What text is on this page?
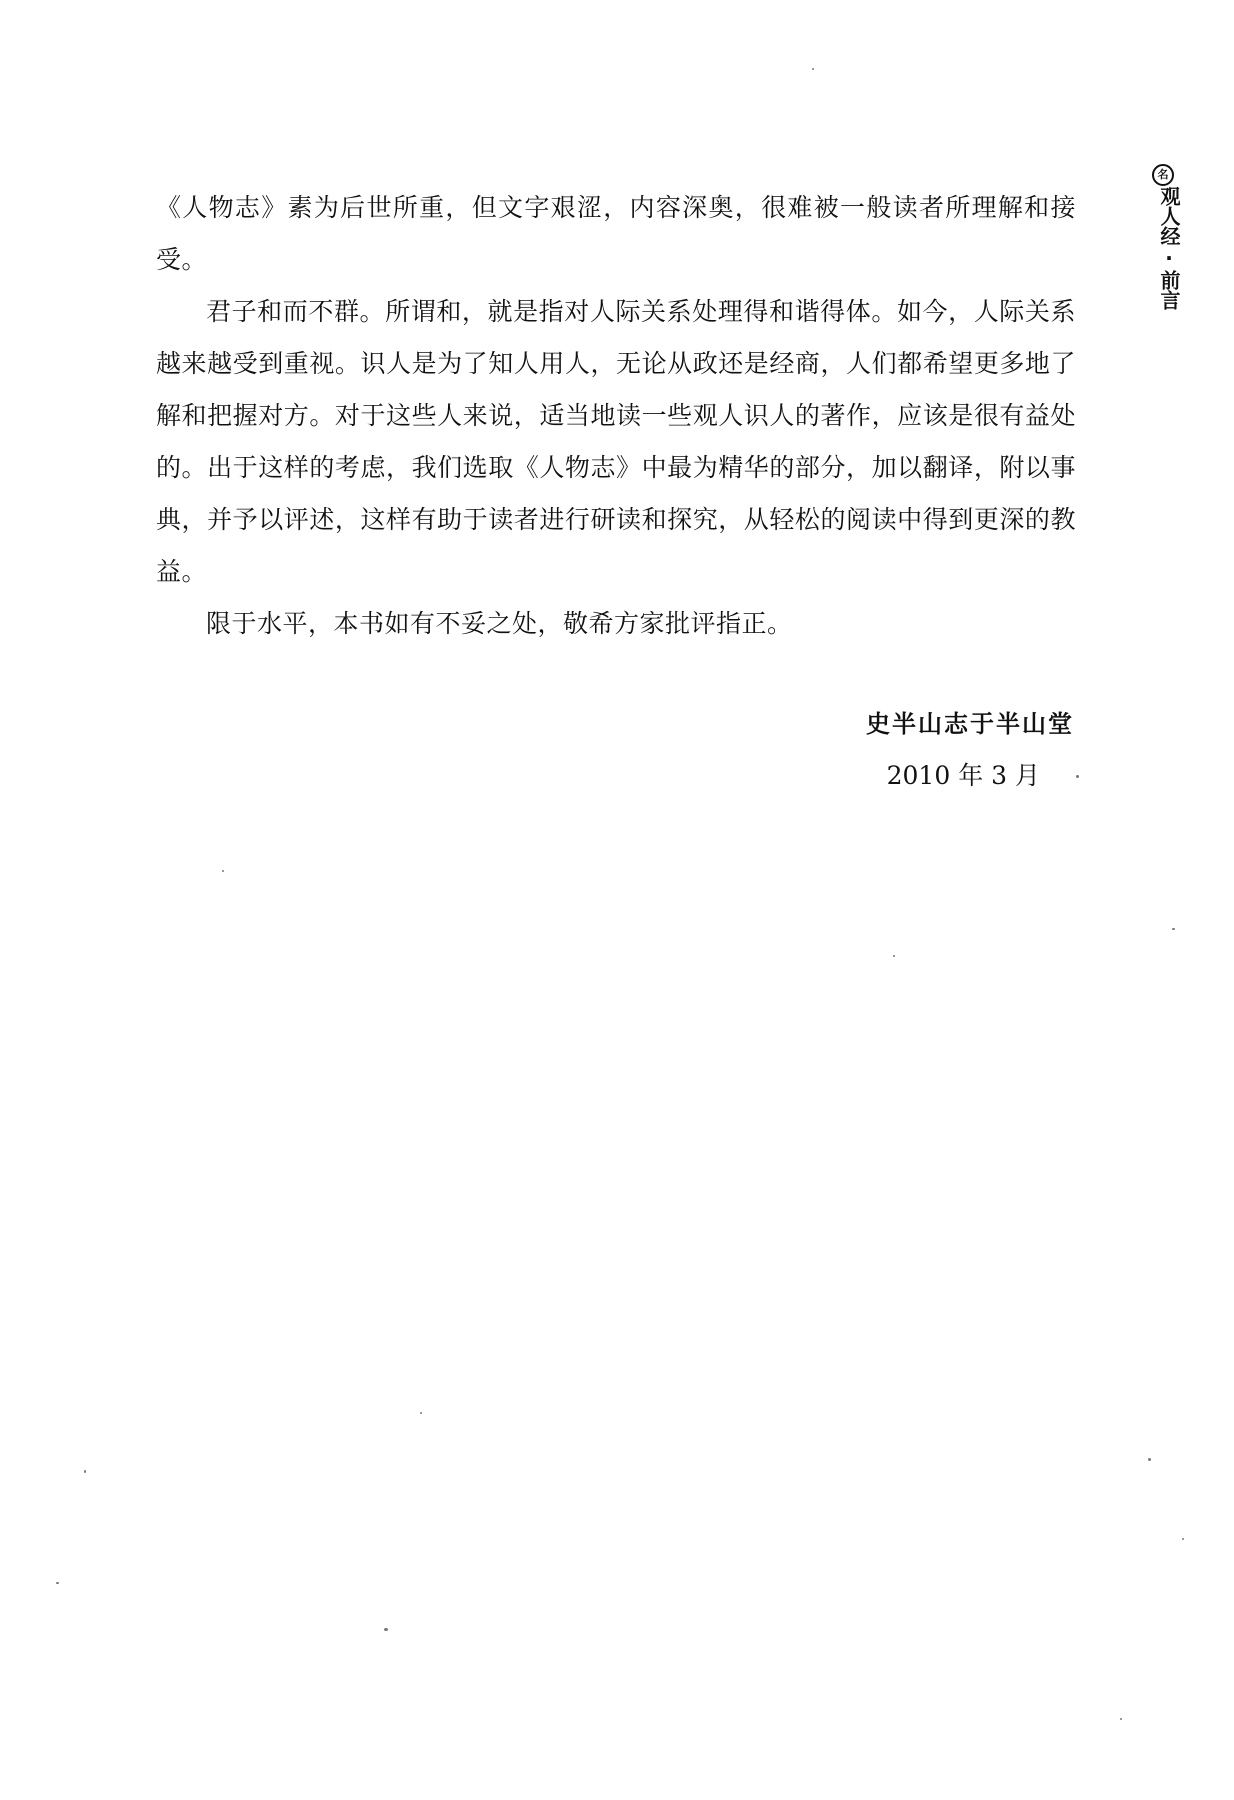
名
观人经·前言

《人物志》素为后世所重，但文字艰涩，内容深奥，很难被一般读者所理解和接受。

君子和而不群。所谓和，就是指对人际关系处理得和谐得体。如今，人际关系越来越受到重视。识人是为了知人用人，无论从政还是经商，人们都希望更多地了解和把握对方。对于这些人来说，适当地读一些观人识人的著作，应该是很有益处的。出于这样的考虑，我们选取《人物志》中最为精华的部分，加以翻译，附以事典，并予以评述，这样有助于读者进行研读和探究，从轻松的阅读中得到更深的教益。

限于水平，本书如有不妥之处，敬希方家批评指正。

史半山志于半山堂
2010 年 3 月
